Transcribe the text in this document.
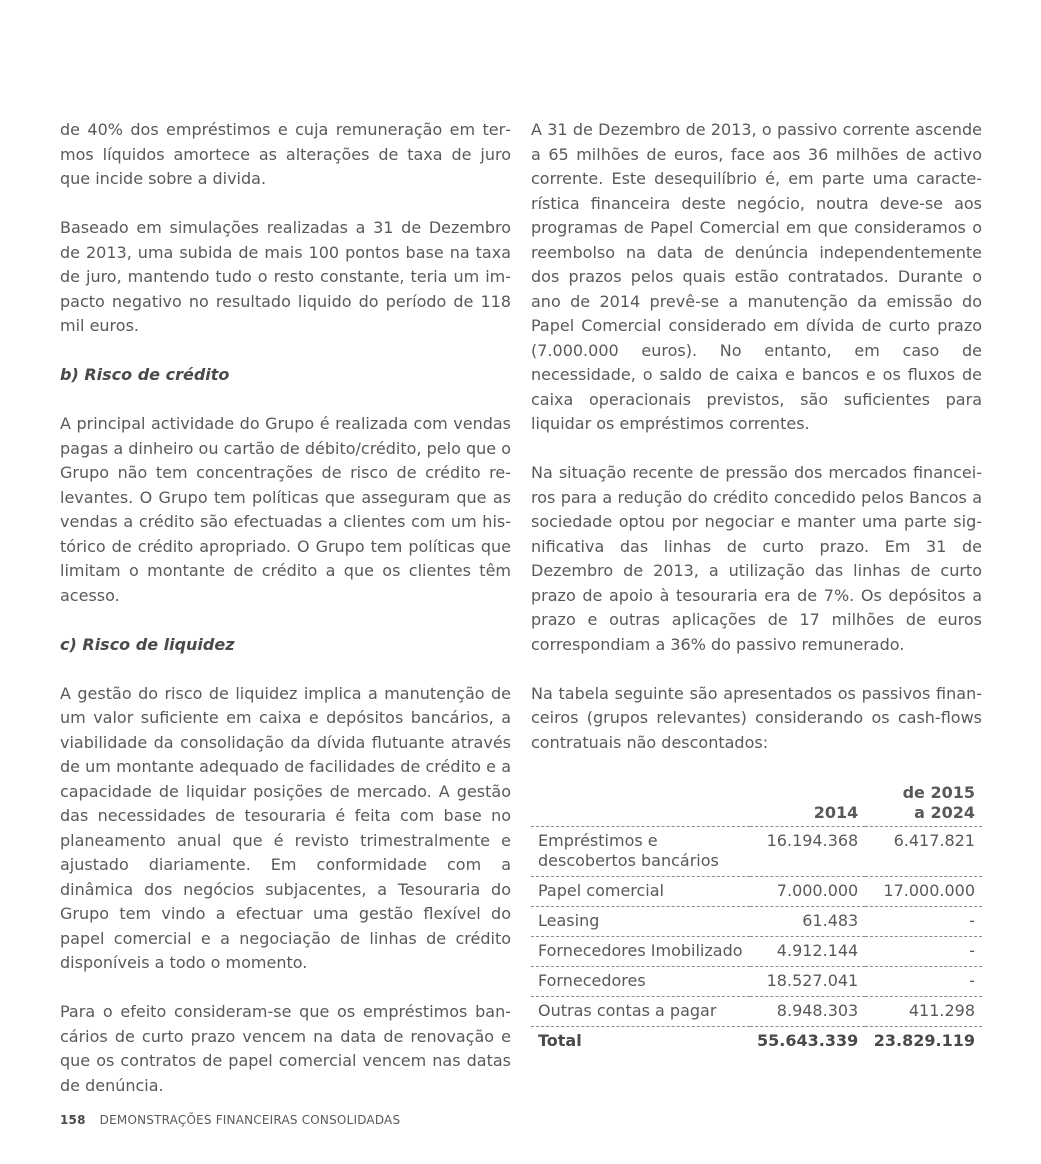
de 40% dos empréstimos e cuja remuneração em termos líquidos amortece as alterações de taxa de juro que incide sobre a divida.

Baseado em simulações realizadas a 31 de Dezembro de 2013, uma subida de mais 100 pontos base na taxa de juro, mantendo tudo o resto constante, teria um impacto negativo no resultado liquido do período de 118 mil euros.

b) Risco de crédito

A principal actividade do Grupo é realizada com vendas pagas a dinheiro ou cartão de débito/crédito, pelo que o Grupo não tem concentrações de risco de crédito relevantes. O Grupo tem políticas que asseguram que as vendas a crédito são efectuadas a clientes com um histórico de crédito apropriado. O Grupo tem políticas que limitam o montante de crédito a que os clientes têm acesso.

c) Risco de liquidez

A gestão do risco de liquidez implica a manutenção de um valor suficiente em caixa e depósitos bancários, a viabilidade da consolidação da dívida flutuante através de um montante adequado de facilidades de crédito e a capacidade de liquidar posições de mercado. A gestão das necessidades de tesouraria é feita com base no planeamento anual que é revisto trimestralmente e ajustado diariamente. Em conformidade com a dinâmica dos negócios subjacentes, a Tesouraria do Grupo tem vindo a efectuar uma gestão flexível do papel comercial e a negociação de linhas de crédito disponíveis a todo o momento.

Para o efeito consideram-se que os empréstimos bancários de curto prazo vencem na data de renovação e que os contratos de papel comercial vencem nas datas de denúncia.

A 31 de Dezembro de 2013, o passivo corrente ascende a 65 milhões de euros, face aos 36 milhões de activo corrente. Este desequilíbrio é, em parte uma característica financeira deste negócio, noutra deve-se aos programas de Papel Comercial em que consideramos o reembolso na data de denúncia independentemente dos prazos pelos quais estão contratados. Durante o ano de 2014 prevê-se a manutenção da emissão do Papel Comercial considerado em dívida de curto prazo (7.000.000 euros). No entanto, em caso de necessidade, o saldo de caixa e bancos e os fluxos de caixa operacionais previstos, são suficientes para liquidar os empréstimos correntes.

Na situação recente de pressão dos mercados financeiros para a redução do crédito concedido pelos Bancos a sociedade optou por negociar e manter uma parte significativa das linhas de curto prazo. Em 31 de Dezembro de 2013, a utilização das linhas de curto prazo de apoio à tesouraria era de 7%. Os depósitos a prazo e outras aplicações de 17 milhões de euros correspondiam a 36% do passivo remunerado.

Na tabela seguinte são apresentados os passivos financeiros (grupos relevantes) considerando os cash-flows contratuais não descontados:

	2014	de 2015
a 2024
Empréstimos e
descobertos bancários	16.194.368	6.417.821
Papel comercial	7.000.000	17.000.000
Leasing	61.483	-
Fornecedores Imobilizado	4.912.144	-
Fornecedores	18.527.041	-
Outras contas a pagar	8.948.303	411.298
Total	55.643.339	23.829.119
158 DEMONSTRAÇÕES FINANCEIRAS CONSOLIDADAS
